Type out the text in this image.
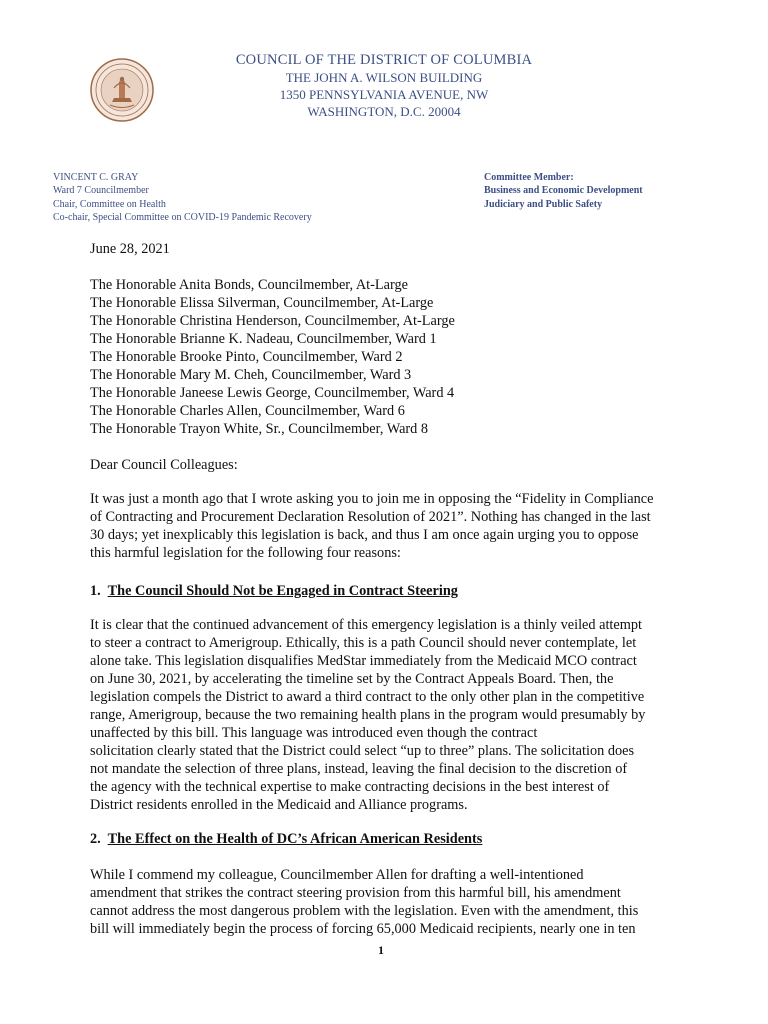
COUNCIL OF THE DISTRICT OF COLUMBIA
THE JOHN A. WILSON BUILDING
1350 PENNSYLVANIA AVENUE, NW
WASHINGTON, D.C. 20004
VINCENT C. GRAY
Ward 7 Councilmember
Chair, Committee on Health
Co-chair, Special Committee on COVID-19 Pandemic Recovery
Committee Member:
Business and Economic Development
Judiciary and Public Safety
June 28, 2021
The Honorable Anita Bonds, Councilmember, At-Large
The Honorable Elissa Silverman, Councilmember, At-Large
The Honorable Christina Henderson, Councilmember, At-Large
The Honorable Brianne K. Nadeau, Councilmember, Ward 1
The Honorable Brooke Pinto, Councilmember, Ward 2
The Honorable Mary M. Cheh, Councilmember, Ward 3
The Honorable Janeese Lewis George, Councilmember, Ward 4
The Honorable Charles Allen, Councilmember, Ward 6
The Honorable Trayon White, Sr., Councilmember, Ward 8
Dear Council Colleagues:
It was just a month ago that I wrote asking you to join me in opposing the “Fidelity in Compliance
of Contracting and Procurement Declaration Resolution of 2021”. Nothing has changed in the last
30 days; yet inexplicably this legislation is back, and thus I am once again urging you to oppose
this harmful legislation for the following four reasons:
1. The Council Should Not be Engaged in Contract Steering
It is clear that the continued advancement of this emergency legislation is a thinly veiled attempt
to steer a contract to Amerigroup. Ethically, this is a path Council should never contemplate, let
alone take. This legislation disqualifies MedStar immediately from the Medicaid MCO contract
on June 30, 2021, by accelerating the timeline set by the Contract Appeals Board. Then, the
legislation compels the District to award a third contract to the only other plan in the competitive
range, Amerigroup, because the two remaining health plans in the program would presumably by
unaffected by this bill. This language was introduced even though the contract
solicitation clearly stated that the District could select “up to three” plans. The solicitation does
not mandate the selection of three plans, instead, leaving the final decision to the discretion of
the agency with the technical expertise to make contracting decisions in the best interest of
District residents enrolled in the Medicaid and Alliance programs.
2. The Effect on the Health of DC’s African American Residents
While I commend my colleague, Councilmember Allen for drafting a well-intentioned
amendment that strikes the contract steering provision from this harmful bill, his amendment
cannot address the most dangerous problem with the legislation. Even with the amendment, this
bill will immediately begin the process of forcing 65,000 Medicaid recipients, nearly one in ten
1
